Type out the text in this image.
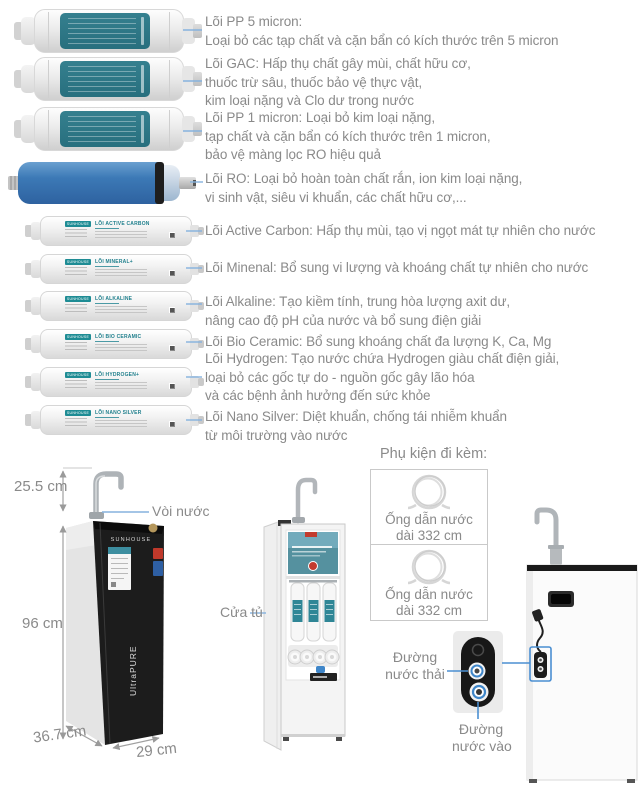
SUNHOUSE	LÕI ACTIVE CARBON
SUNHOUSE	LÕI MINERAL+
SUNHOUSE	LÕI ALKALINE
SUNHOUSE	LÕI BIO CERAMIC
SUNHOUSE	LÕI HYDROGEN+
SUNHOUSE	LÕI NANO SILVER
Lõi PP 5 micron:
Loại bỏ các tạp chất và cặn bẩn có kích thước trên 5 micron
Lõi GAC: Hấp thụ chất gây mùi, chất hữu cơ,
thuốc trừ sâu, thuốc bảo vệ thực vật,
kim loại nặng và Clo dư trong nước
Lõi PP 1 micron: Loại bỏ kim loại nặng,
tạp chất và cặn bẩn có kích thước trên 1 micron,
bảo vệ màng lọc RO hiệu quả
Lõi RO: Loại bỏ hoàn toàn chất rắn, ion kim loại nặng,
vi sinh vật, siêu vi khuẩn, các chất hữu cơ,...
Lõi Active Carbon: Hấp thụ mùi, tạo vị ngọt mát tự nhiên cho nước
Lõi Minenal: Bổ sung vi lượng và khoáng chất tự nhiên cho nước
Lõi Alkaline: Tạo kiềm tính, trung hòa lượng axit dư,
nâng cao độ pH của nước và bổ sung điện giải
Lõi Bio Ceramic: Bổ sung khoáng chất đa lượng K, Ca, Mg
Lõi Hydrogen: Tạo nước chứa Hydrogen giàu chất điện giải,
loại bỏ các gốc tự do - nguồn gốc gây lão hóa
và các bệnh ảnh hưởng đến sức khỏe
Lõi Nano Silver: Diệt khuẩn, chống tái nhiễm khuẩn
từ môi trường vào nước
SUNHOUSE
UltraPURE
Phụ kiện đi kèm:
Ống dẫn nước
dài 332 cm
Ống dẫn nước
dài 332 cm
25.5 cm
96 cm
36.7 cm
29 cm
Vòi nước
Cửa tủ
Đường
nước thải
Đường
nước vào
